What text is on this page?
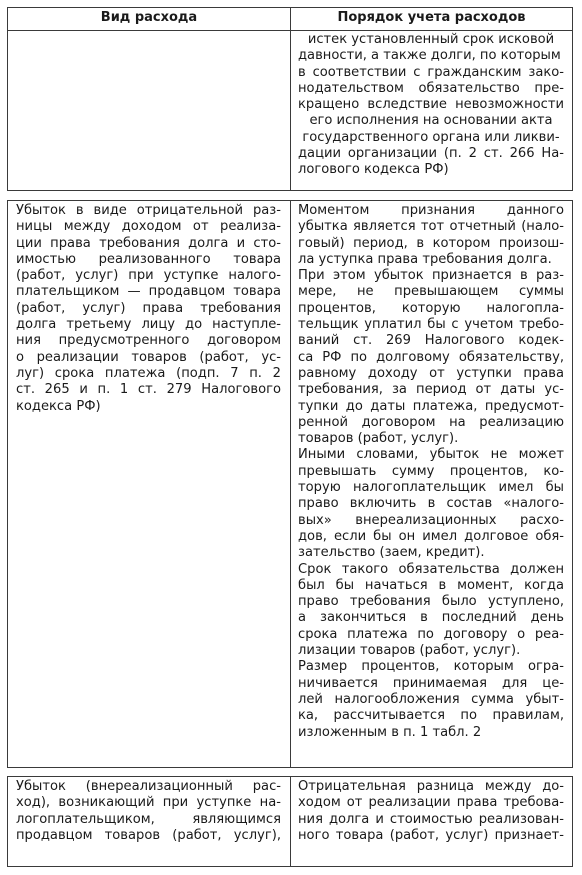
Вид расхода	Порядок учета расходов
истек установленный срок исковой
давности, а также долги, по которым
в соответствии с гражданским зако-
нодательством обязательство пре-
кращено вследствие невозможности
его исполнения на основании акта
государственного органа или ликви-
дации организации (п. 2 ст. 266 На-
логового кодекса РФ)
Убыток в виде отрицательной раз-
ницы между доходом от реализа-
ции права требования долга и сто-
имостью реализованного товара
(работ, услуг) при уступке налого-
плательщиком — продавцом товара
(работ, услуг) права требования
долга третьему лицу до наступле-
ния предусмотренного договором
о реализации товаров (работ, ус-
луг) срока платежа (подп. 7 п. 2
ст. 265 и п. 1 ст. 279 Налогового
кодекса РФ)
Моментом признания данного
убытка является тот отчетный (нало-
говый) период, в котором произош-
ла уступка права требования долга.
При этом убыток признается в раз-
мере, не превышающем суммы
процентов, которую налогопла-
тельщик уплатил бы с учетом требо-
ваний ст. 269 Налогового кодек-
са РФ по долговому обязательству,
равному доходу от уступки права
требования, за период от даты ус-
тупки до даты платежа, предусмот-
ренной договором на реализацию
товаров (работ, услуг).
Иными словами, убыток не может
превышать сумму процентов, ко-
торую налогоплательщик имел бы
право включить в состав «налого-
вых» внереализационных расхо-
дов, если бы он имел долговое обя-
зательство (заем, кредит).
Срок такого обязательства должен
был бы начаться в момент, когда
право требования было уступлено,
а закончиться в последний день
срока платежа по договору о реа-
лизации товаров (работ, услуг).
Размер процентов, которым огра-
ничивается принимаемая для це-
лей налогообложения сумма убыт-
ка, рассчитывается по правилам,
изложенным в п. 1 табл. 2
Убыток (внереализационный рас-
ход), возникающий при уступке на-
логоплательщиком, являющимся
продавцом товаров (работ, услуг),
Отрицательная разница между до-
ходом от реализации права требова-
ния долга и стоимостью реализован-
ного товара (работ, услуг) признает-
